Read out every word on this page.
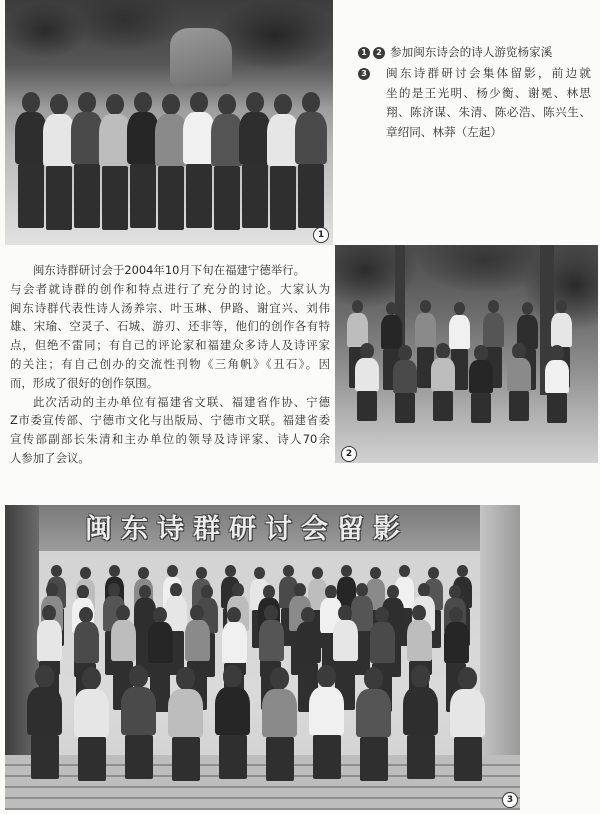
1
2
1	2 参加闽东诗会的诗人游览杨家溪
3 闽东诗群研讨会集体留影，前边就
坐的是王光明、杨少衡、谢冕、林思
翔、陈济谋、朱清、陈必浩、陈兴生、
章绍同、林莽（左起）
闽东诗群研讨会于2004年10月下旬在福建宁德举行。
与会者就诗群的创作和特点进行了充分的讨论。大家认为
闽东诗群代表性诗人汤养宗、叶玉琳、伊路、谢宜兴、刘伟
雄、宋瑜、空灵子、石城、游刃、还非等，他们的创作各有特
点，但绝不雷同；有自己的评论家和福建众多诗人及诗评家
的关注；有自己创办的交流性刊物《三角帆》《丑石》。因
而，形成了很好的创作氛围。
此次活动的主办单位有福建省文联、福建省作协、宁德
Z市委宣传部、宁德市文化与出版局、宁德市文联。福建省委
宣传部副部长朱清和主办单位的领导及诗评家、诗人70余
人参加了会议。
闽东诗群研讨会留影
3
